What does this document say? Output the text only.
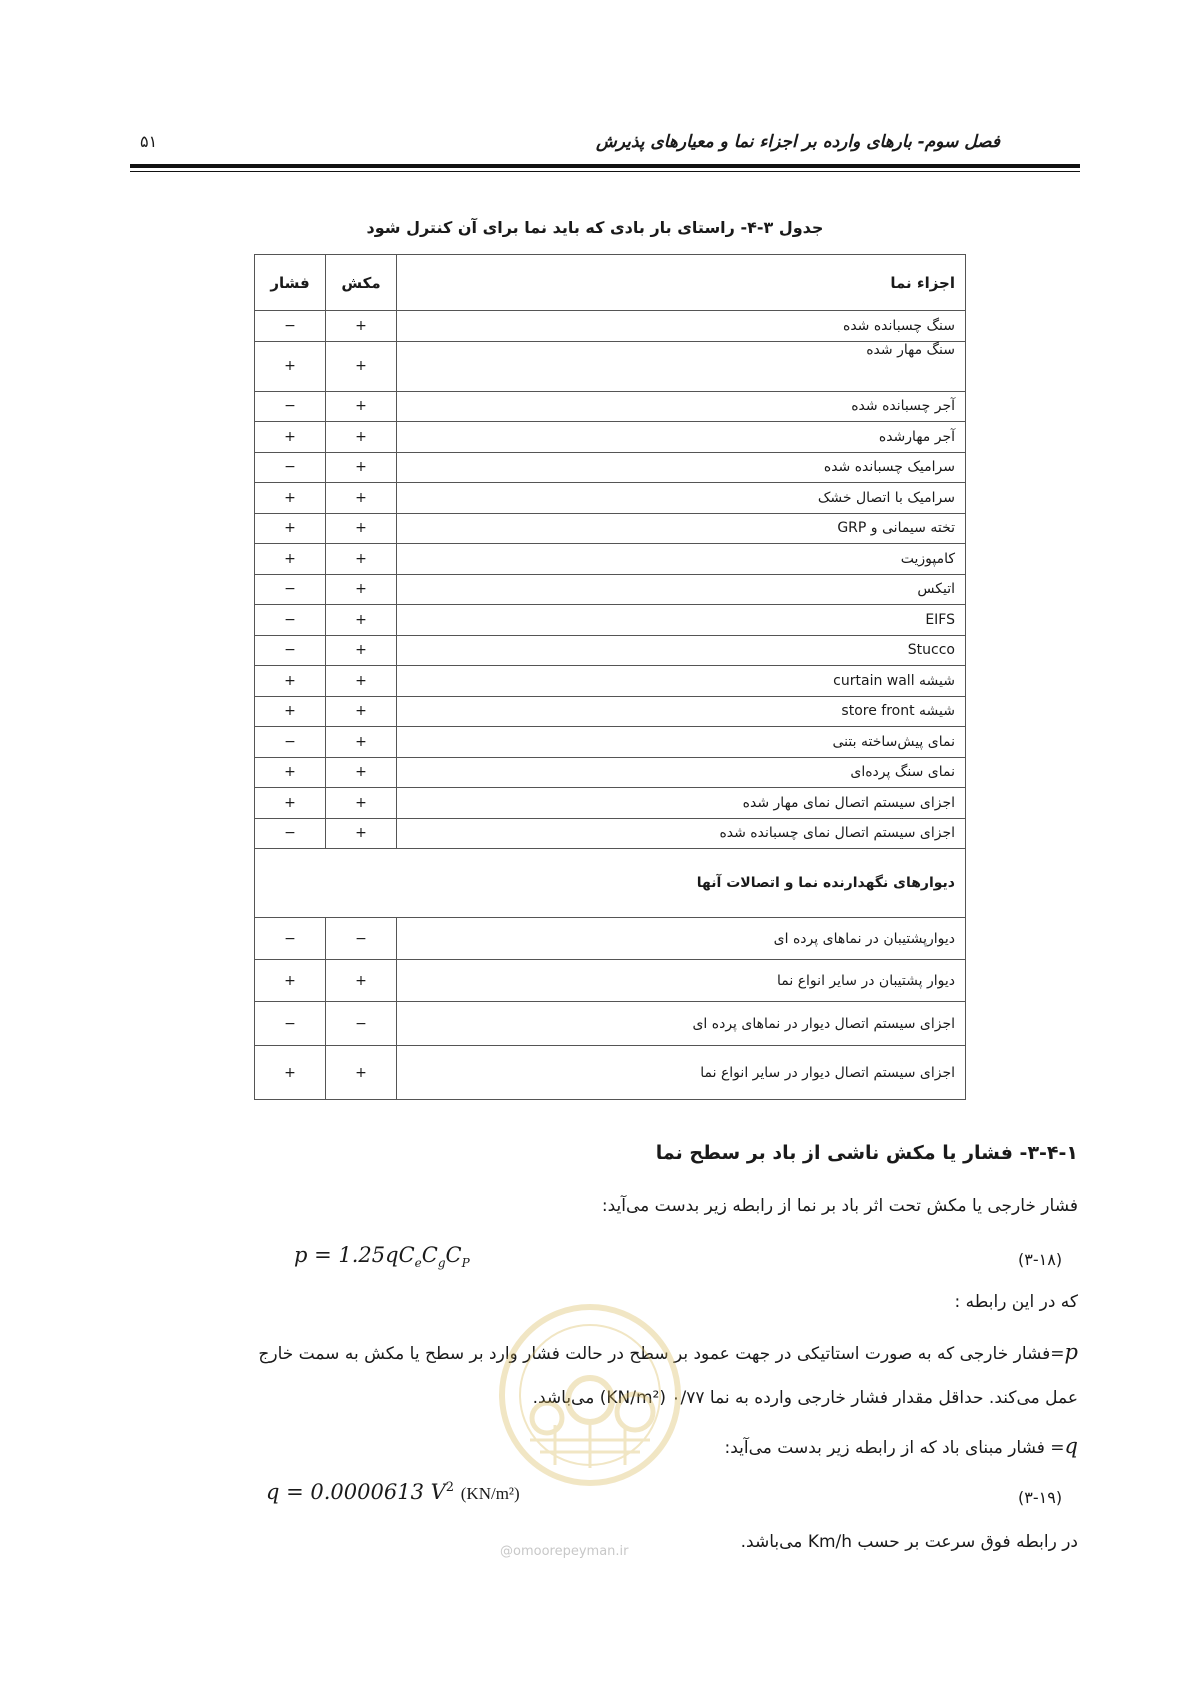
فصل سوم- بارهای وارده بر اجزاء نما و معیارهای پذیرش
۵۱
جدول ۳-۴- راستای بار بادی که باید نما برای آن کنترل شود
اجزاء نما	مکش	فشار
سنگ چسبانده شده	+	−
سنگ مهار شده	+	+
آجر چسبانده شده	+	−
آجر مهارشده	+	+
سرامیک چسبانده شده	+	−
سرامیک با اتصال خشک	+	+
تخته سیمانی و GRP	+	+
کامپوزیت	+	+
اتیکس	+	−
EIFS	+	−
Stucco	+	−
شیشه curtain wall	+	+
شیشه store front	+	+
نمای پیش‌ساخته بتنی	+	−
نمای سنگ پرده‌ای	+	+
اجزای سیستم اتصال نمای مهار شده	+	+
اجزای سیستم اتصال نمای چسبانده شده	+	−
دیوارهای نگهدارنده نما و اتصالات آنها		
دیوارپشتیبان در نماهای پرده ای	−	−
دیوار پشتیبان در سایر انواع نما	+	+
اجزای سیستم اتصال دیوار در نماهای پرده ای	−	−
اجزای سیستم اتصال دیوار در سایر انواع نما	+	+
۳-۴-۱- فشار یا مکش ناشی از باد بر سطح نما
فشار خارجی یا مکش تحت اثر باد بر نما از رابطه زیر بدست می‌آید:
(۳-۱۸)
$p = 1.25qC_eC_gC_P$
که در این رابطه :
p=فشار خارجی که به صورت استاتیکی در جهت عمود بر سطح در حالت فشار وارد بر سطح یا مکش به سمت خارج
عمل می‌کند. حداقل مقدار فشار خارجی وارده به نما ۰/۷۷ (KN/m²) می‌باشد.
q= فشار مبنای باد که از رابطه زیر بدست می‌آید:
(۳-۱۹)
q = 0.0000613 $V^2$ (KN/m²)
در رابطه فوق سرعت بر حسب Km/h می‌باشد.
@omoorepeyman.ir
